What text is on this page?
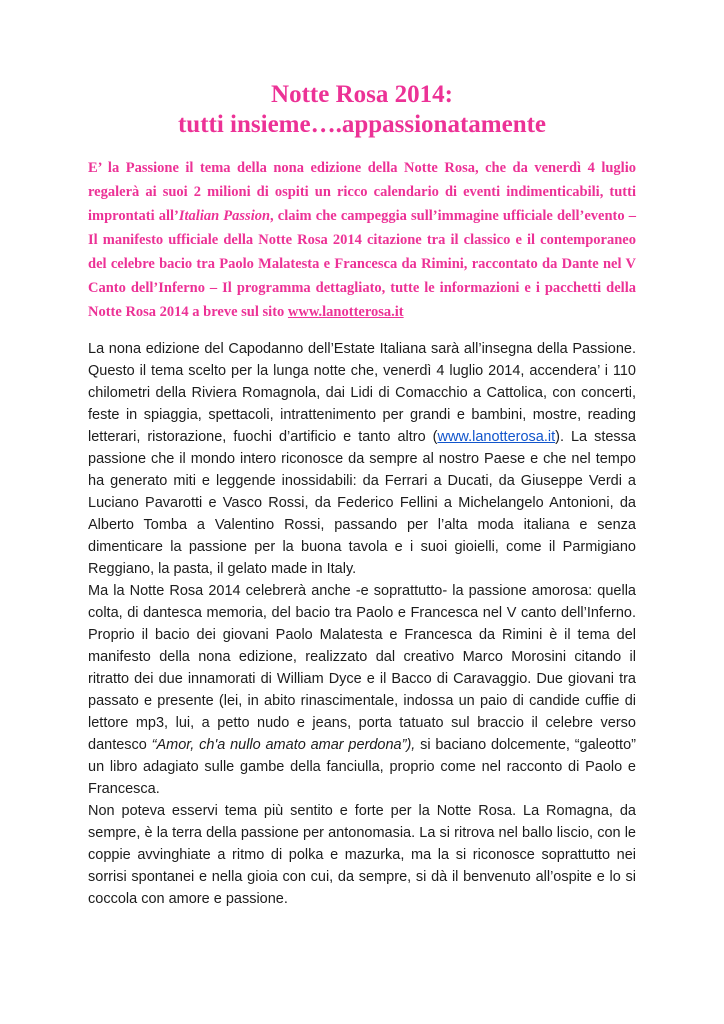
Notte Rosa 2014:
tutti insieme….appassionatamente

E’ la Passione il tema della nona edizione della Notte Rosa, che da venerdì 4 luglio regalerà ai suoi 2 milioni di ospiti un ricco calendario di eventi indimenticabili, tutti improntati all’Italian Passion, claim che campeggia sull’immagine ufficiale dell’evento – Il manifesto ufficiale della Notte Rosa 2014 citazione tra il classico e il contemporaneo del celebre bacio tra Paolo Malatesta e Francesca da Rimini, raccontato da Dante nel V Canto dell’Inferno – Il programma dettagliato, tutte le informazioni e i pacchetti della Notte Rosa 2014 a breve sul sito www.lanotterosa.it

La nona edizione del Capodanno dell’Estate Italiana sarà all’insegna della Passione. Questo il tema scelto per la lunga notte che, venerdì 4 luglio 2014, accendera’ i 110 chilometri della Riviera Romagnola, dai Lidi di Comacchio a Cattolica, con concerti, feste in spiaggia, spettacoli, intrattenimento per grandi e bambini, mostre, reading letterari, ristorazione, fuochi d’artificio e tanto altro (www.lanotterosa.it). La stessa passione che il mondo intero riconosce da sempre al nostro Paese e che nel tempo ha generato miti e leggende inossidabili: da Ferrari a Ducati, da Giuseppe Verdi a Luciano Pavarotti e Vasco Rossi, da Federico Fellini a Michelangelo Antonioni, da Alberto Tomba a Valentino Rossi, passando per l’alta moda italiana e senza dimenticare la passione per la buona tavola e i suoi gioielli, come il Parmigiano Reggiano, la pasta, il gelato made in Italy.

Ma la Notte Rosa 2014 celebrerà anche -e soprattutto- la passione amorosa: quella colta, di dantesca memoria, del bacio tra Paolo e Francesca nel V canto dell’Inferno. Proprio il bacio dei giovani Paolo Malatesta e Francesca da Rimini è il tema del manifesto della nona edizione, realizzato dal creativo Marco Morosini citando il ritratto dei due innamorati di William Dyce e il Bacco di Caravaggio. Due giovani tra passato e presente (lei, in abito rinascimentale, indossa un paio di candide cuffie di lettore mp3, lui, a petto nudo e jeans, porta tatuato sul braccio il celebre verso dantesco “Amor, ch'a nullo amato amar perdona”), si baciano dolcemente, “galeotto” un libro adagiato sulle gambe della fanciulla, proprio come nel racconto di Paolo e Francesca.

Non poteva esservi tema più sentito e forte per la Notte Rosa. La Romagna, da sempre, è la terra della passione per antonomasia. La si ritrova nel ballo liscio, con le coppie avvinghiate a ritmo di polka e mazurka, ma la si riconosce soprattutto nei sorrisi spontanei e nella gioia con cui, da sempre, si dà il benvenuto all’ospite e lo si coccola con amore e passione.
